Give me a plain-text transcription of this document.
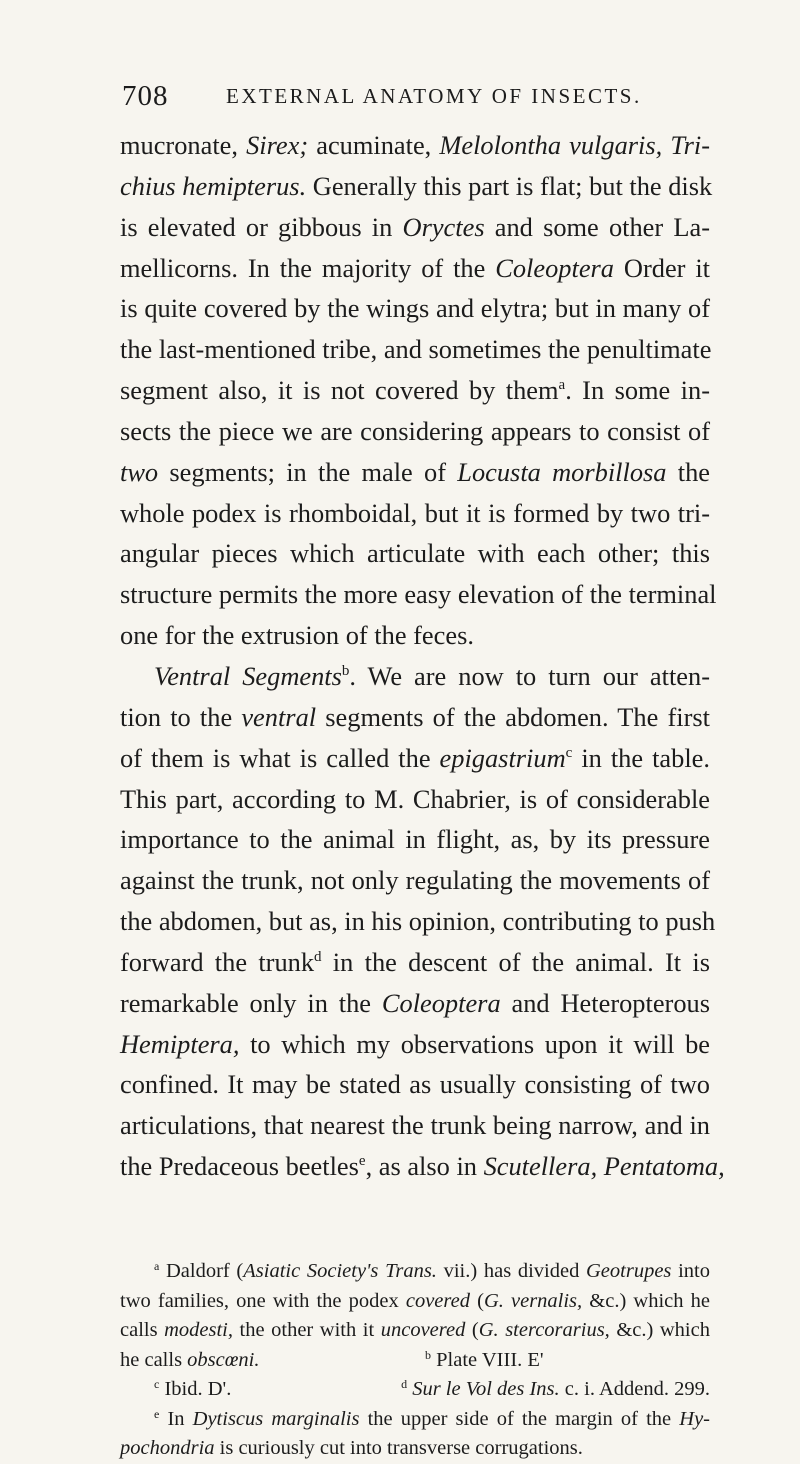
708	EXTERNAL ANATOMY OF INSECTS.
mucronate, Sirex; acuminate, Melolontha vulgaris, Tri-
chius hemipterus. Generally this part is flat; but the disk
is elevated or gibbous in Oryctes and some other La-
mellicorns. In the majority of the Coleoptera Order it
is quite covered by the wings and elytra; but in many of
the last-mentioned tribe, and sometimes the penultimate
segment also, it is not covered by them$^a$. In some in-
sects the piece we are considering appears to consist of
two segments; in the male of Locusta morbillosa the
whole podex is rhomboidal, but it is formed by two tri-
angular pieces which articulate with each other; this
structure permits the more easy elevation of the terminal
one for the extrusion of the feces.
Ventral Segments$^b$. We are now to turn our atten-
tion to the ventral segments of the abdomen. The first
of them is what is called the epigastrium$^c$ in the table.
This part, according to M. Chabrier, is of considerable
importance to the animal in flight, as, by its pressure
against the trunk, not only regulating the movements of
the abdomen, but as, in his opinion, contributing to push
forward the trunk$^d$ in the descent of the animal. It is
remarkable only in the Coleoptera and Heteropterous
Hemiptera, to which my observations upon it will be
confined. It may be stated as usually consisting of two
articulations, that nearest the trunk being narrow, and in
the Predaceous beetles$^e$, as also in Scutellera, Pentatoma,
$^a$ Daldorf (Asiatic Society's Trans. vii.) has divided Geotrupes into
two families, one with the podex covered (G. vernalis, &c.) which he
calls modesti, the other with it uncovered (G. stercorarius, &c.) which
he calls obscœni.	$^b$ Plate VIII. E'
$^c$ Ibid. D'.	$^d$ Sur le Vol des Ins. c. i. Addend. 299.
$^e$ In Dytiscus marginalis the upper side of the margin of the Hy-
pochondria is curiously cut into transverse corrugations.
